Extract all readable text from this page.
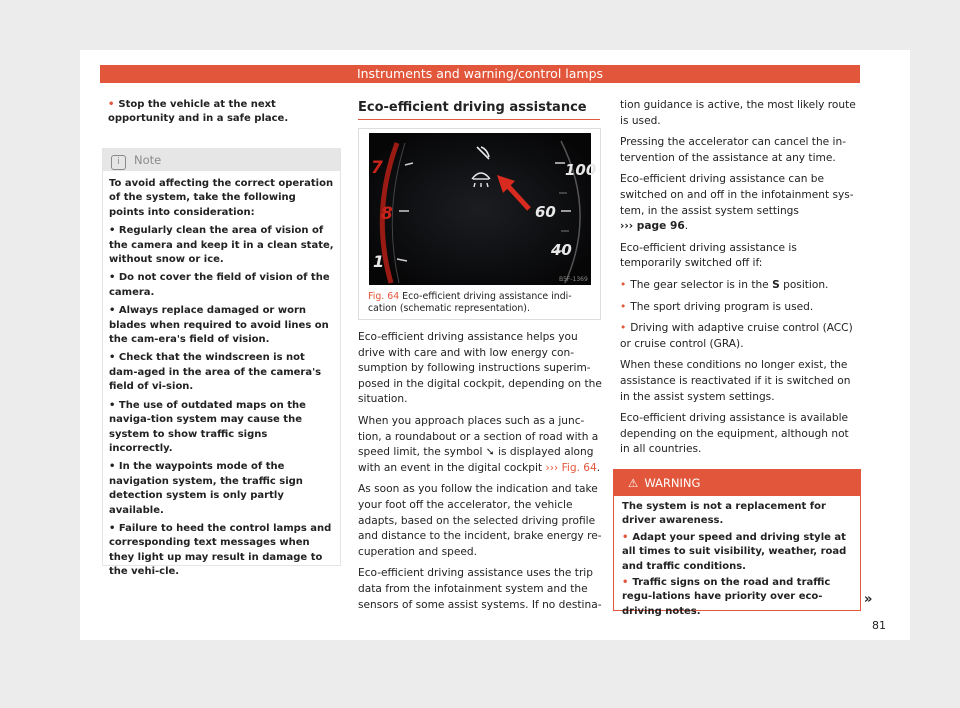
Instruments and warning/control lamps

• Stop the vehicle at the next opportunity and in a safe place.

i Note

To avoid affecting the correct operation of the system, take the following points into consideration:

• Regularly clean the area of vision of the camera and keep it in a clean state, without snow or ice.

• Do not cover the field of vision of the camera.

• Always replace damaged or worn blades when required to avoid lines on the cam-era's field of vision.

• Check that the windscreen is not dam-aged in the area of the camera's field of vi-sion.

• The use of outdated maps on the naviga-tion system may cause the system to show traffic signs incorrectly.

• In the waypoints mode of the navigation system, the traffic sign detection system is only partly available.

• Failure to heed the control lamps and corresponding text messages when they light up may result in damage to the vehi-cle.

Eco-efficient driving assistance
7
8
1
100
60
40
B5F-1369
Fig. 64 Eco-efficient driving assistance indi-cation (schematic representation).

Eco-efficient driving assistance helps you drive with care and with low energy con-sumption by following instructions superim-posed in the digital cockpit, depending on the situation.

When you approach places such as a junc-tion, a roundabout or a section of road with a speed limit, the symbol ➘ is displayed along with an event in the digital cockpit ››› Fig. 64.

As soon as you follow the indication and take your foot off the accelerator, the vehicle adapts, based on the selected driving profile and distance to the incident, brake energy re-cuperation and speed.

Eco-efficient driving assistance uses the trip data from the infotainment system and the sensors of some assist systems. If no destina-

tion guidance is active, the most likely route is used.

Pressing the accelerator can cancel the in-tervention of the assistance at any time.

Eco-efficient driving assistance can be switched on and off in the infotainment sys-tem, in the assist system settings
››› page 96.

Eco-efficient driving assistance is temporarily switched off if:

• The gear selector is in the S position.

• The sport driving program is used.

• Driving with adaptive cruise control (ACC) or cruise control (GRA).

When these conditions no longer exist, the assistance is reactivated if it is switched on in the assist system settings.

Eco-efficient driving assistance is available depending on the equipment, although not in all countries.

⚠ WARNING

The system is not a replacement for driver awareness.

• Adapt your speed and driving style at all times to suit visibility, weather, road and traffic conditions.

• Traffic signs on the road and traffic regu-lations have priority over eco-driving notes.

»
81
